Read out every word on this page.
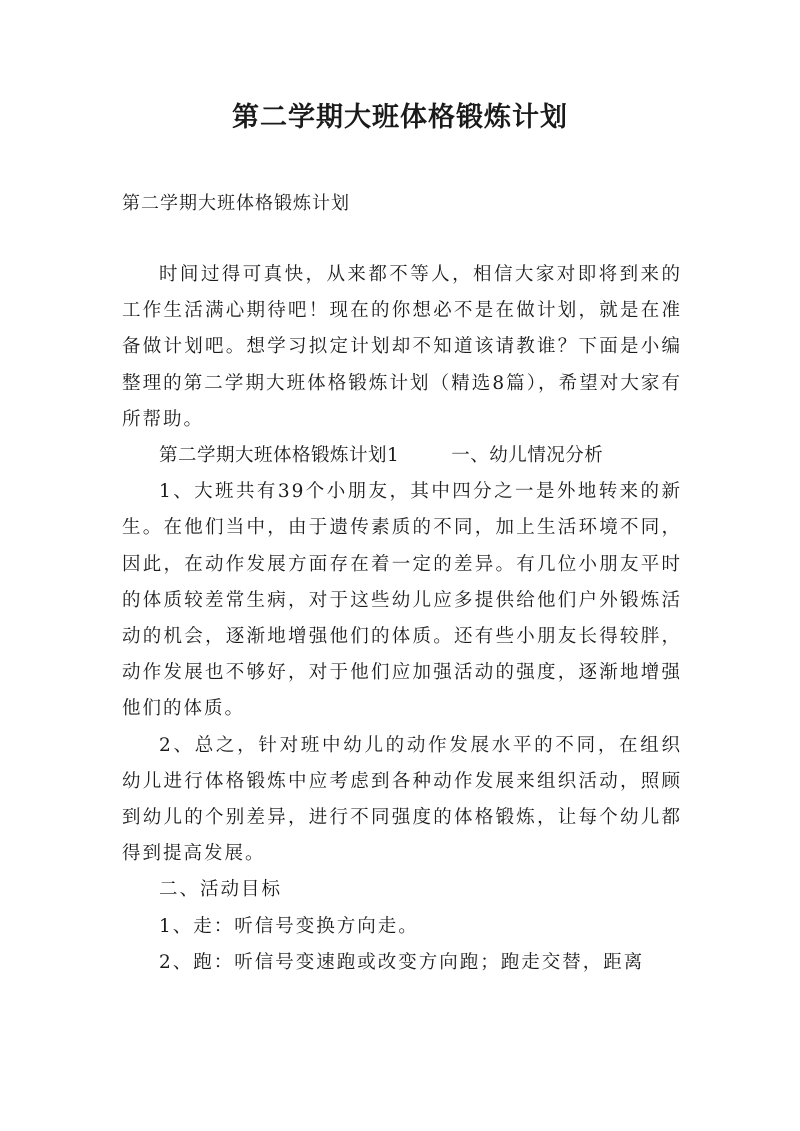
第二学期大班体格锻炼计划

第二学期大班体格锻炼计划

时间过得可真快，从来都不等人，相信大家对即将到来的工作生活满心期待吧！现在的你想必不是在做计划，就是在准备做计划吧。想学习拟定计划却不知道该请教谁？下面是小编整理的第二学期大班体格锻炼计划（精选8篇），希望对大家有所帮助。

第二学期大班体格锻炼计划1	一、幼儿情况分析

1、大班共有39个小朋友，其中四分之一是外地转来的新生。在他们当中，由于遗传素质的不同，加上生活环境不同，因此，在动作发展方面存在着一定的差异。有几位小朋友平时的体质较差常生病，对于这些幼儿应多提供给他们户外锻炼活动的机会，逐渐地增强他们的体质。还有些小朋友长得较胖，动作发展也不够好，对于他们应加强活动的强度，逐渐地增强他们的体质。

2、总之，针对班中幼儿的动作发展水平的不同，在组织幼儿进行体格锻炼中应考虑到各种动作发展来组织活动，照顾到幼儿的个别差异，进行不同强度的体格锻炼，让每个幼儿都得到提高发展。

二、活动目标

1、走：听信号变换方向走。

2、跑：听信号变速跑或改变方向跑；跑走交替，距离
